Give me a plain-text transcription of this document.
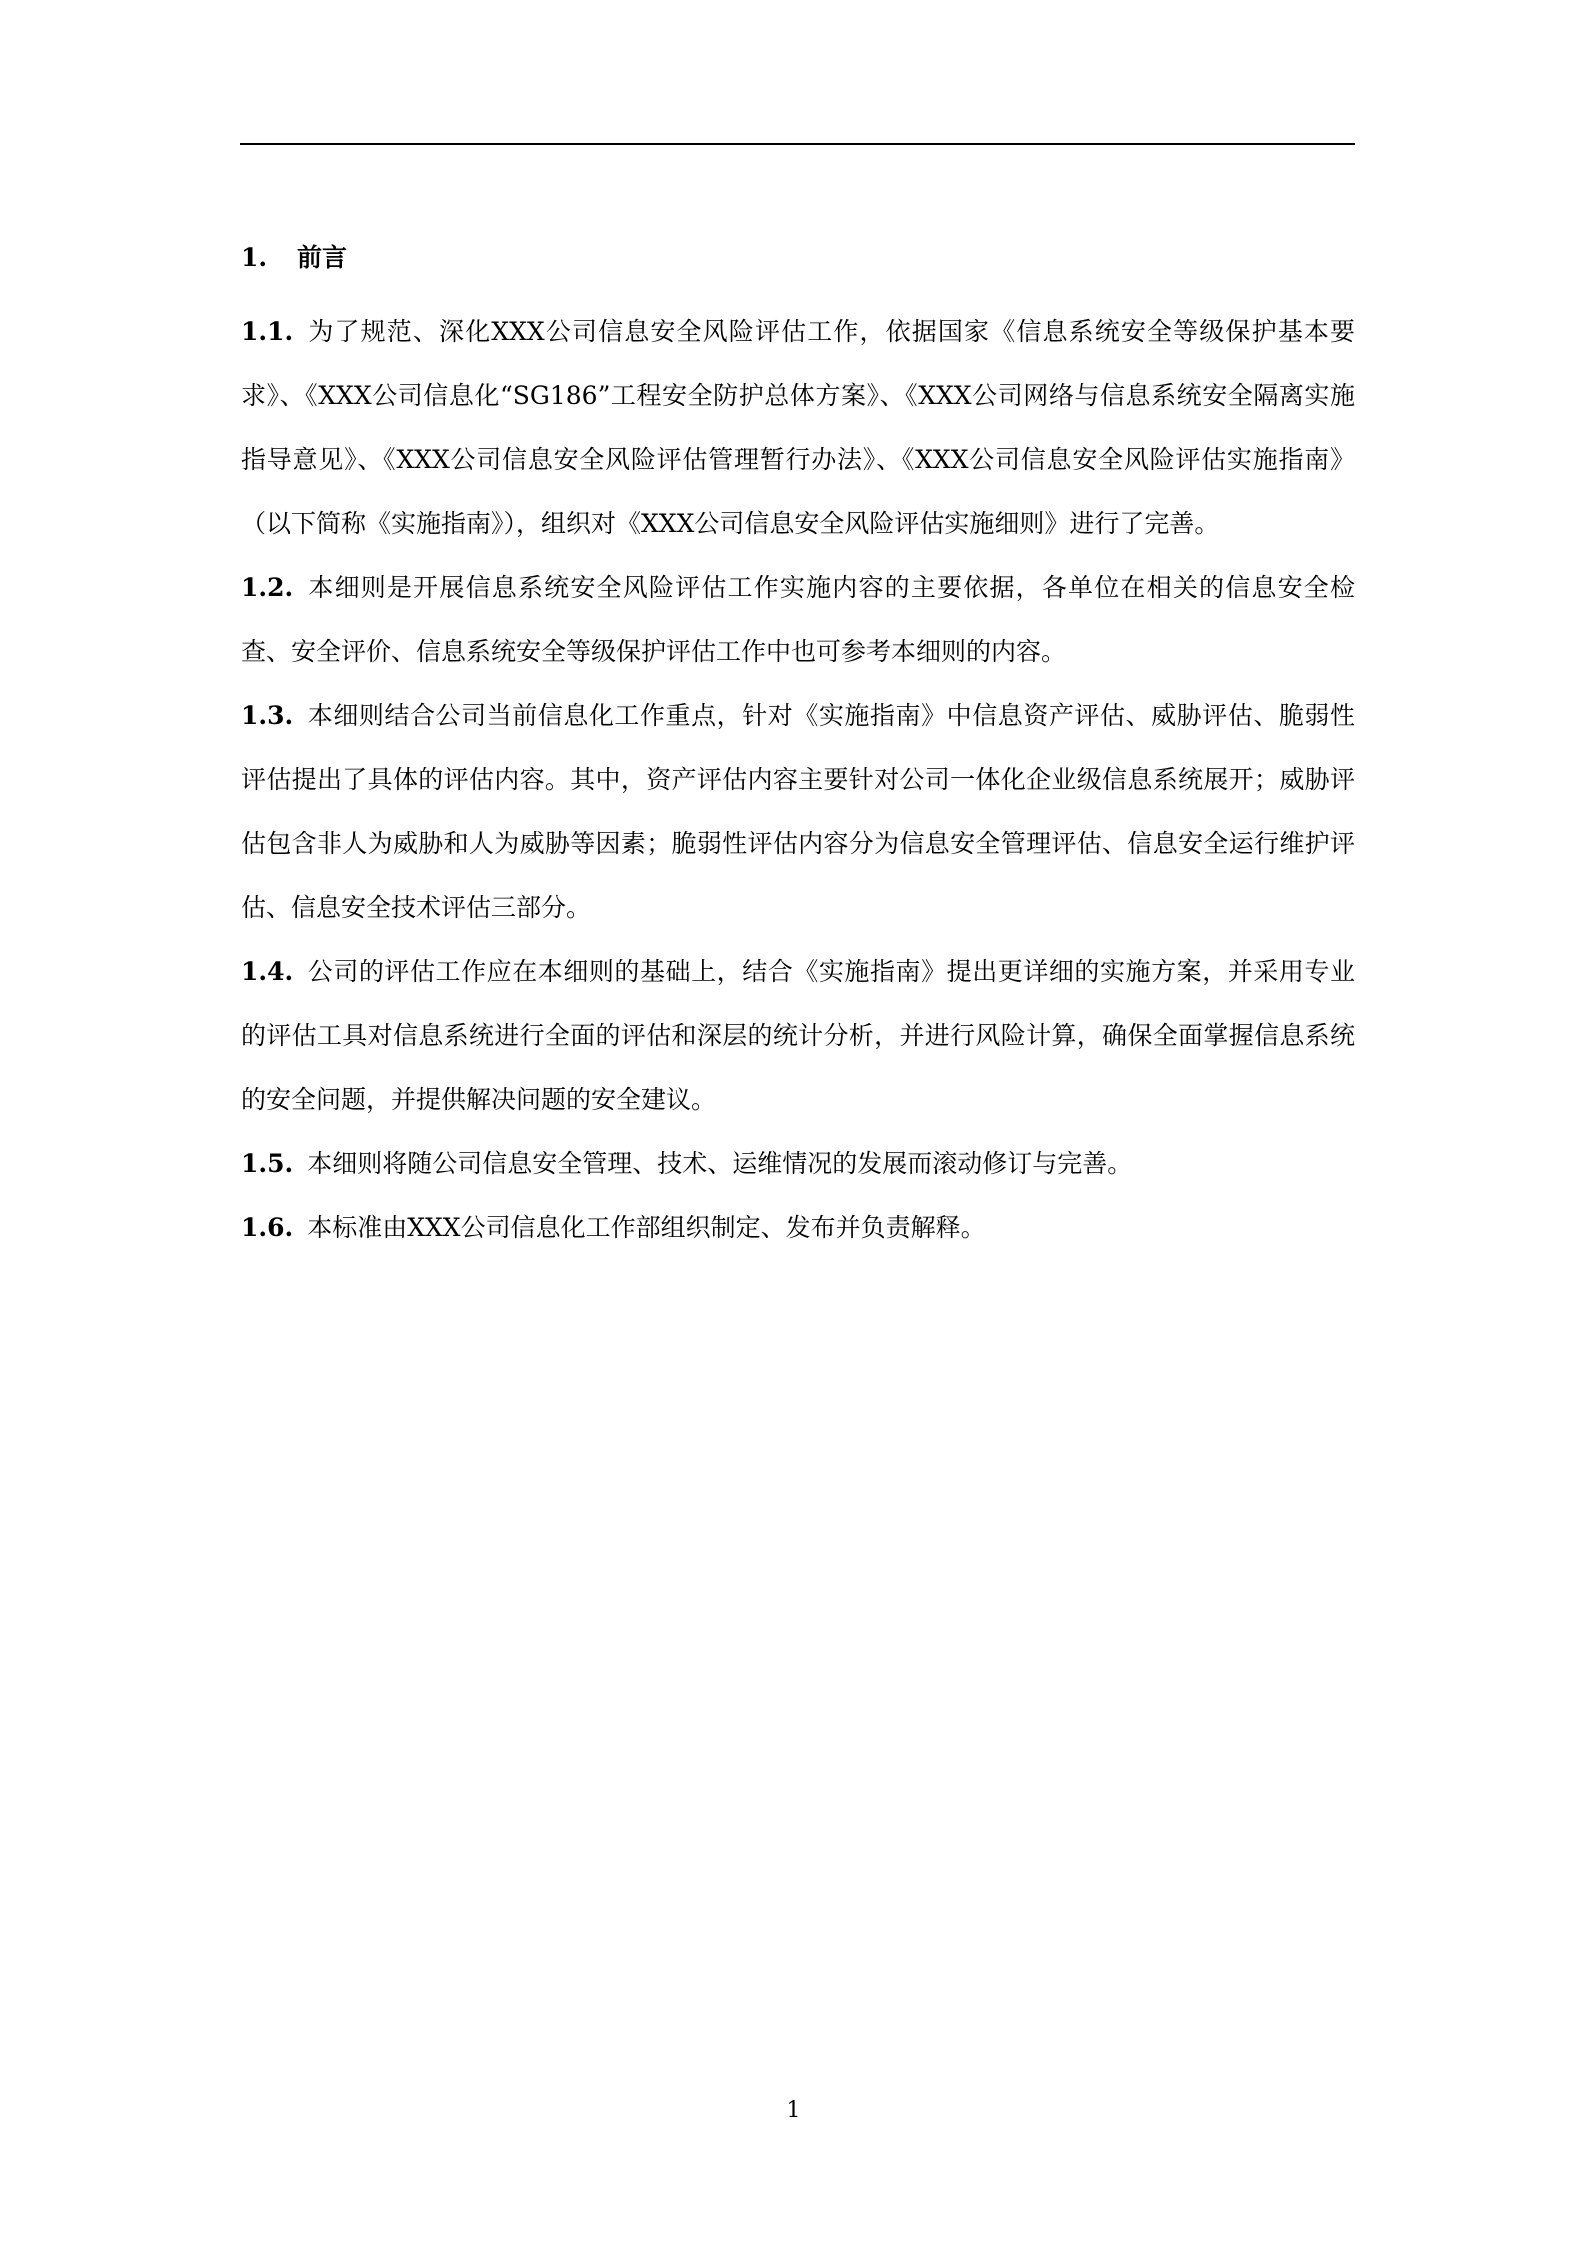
1. 前言

1.1. 为了规范、深化XXX公司信息安全风险评估工作，依据国家《信息系统安全等级保护基本要求》、《XXX公司信息化“SG186”工程安全防护总体方案》、《XXX公司网络与信息系统安全隔离实施指导意见》、《XXX公司信息安全风险评估管理暂行办法》、《XXX公司信息安全风险评估实施指南》（以下简称《实施指南》），组织对《XXX公司信息安全风险评估实施细则》进行了完善。

1.2. 本细则是开展信息系统安全风险评估工作实施内容的主要依据，各单位在相关的信息安全检查、安全评价、信息系统安全等级保护评估工作中也可参考本细则的内容。

1.3. 本细则结合公司当前信息化工作重点，针对《实施指南》中信息资产评估、威胁评估、脆弱性评估提出了具体的评估内容。其中，资产评估内容主要针对公司一体化企业级信息系统展开；威胁评估包含非人为威胁和人为威胁等因素；脆弱性评估内容分为信息安全管理评估、信息安全运行维护评估、信息安全技术评估三部分。

1.4. 公司的评估工作应在本细则的基础上，结合《实施指南》提出更详细的实施方案，并采用专业的评估工具对信息系统进行全面的评估和深层的统计分析，并进行风险计算，确保全面掌握信息系统的安全问题，并提供解决问题的安全建议。

1.5. 本细则将随公司信息安全管理、技术、运维情况的发展而滚动修订与完善。

1.6. 本标准由XXX公司信息化工作部组织制定、发布并负责解释。

1
